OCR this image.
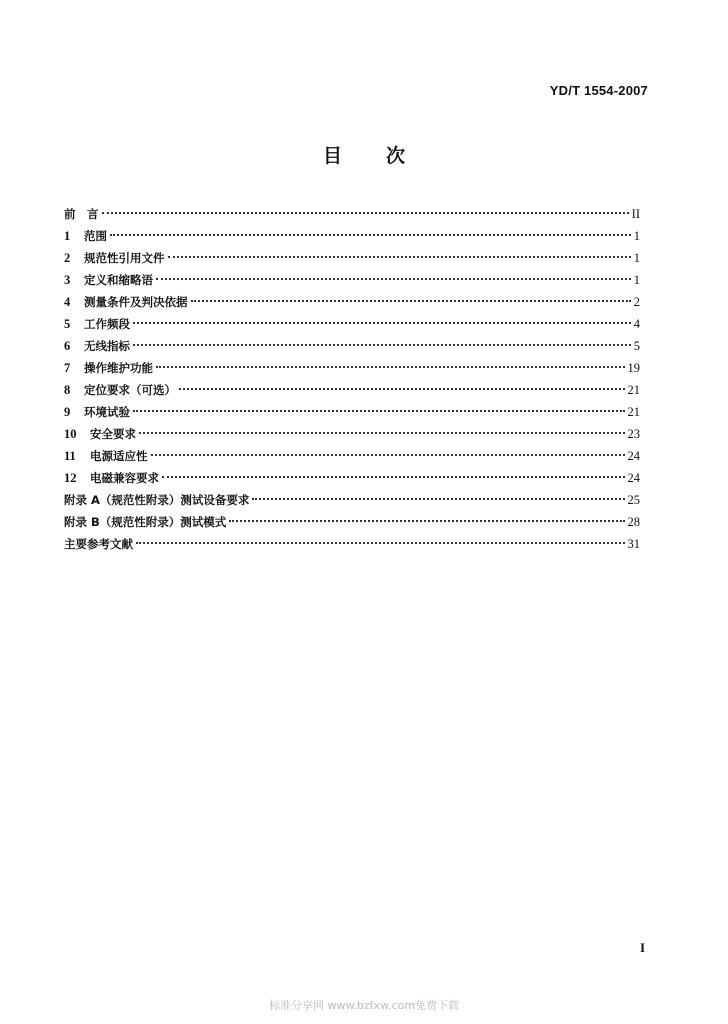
YD/T 1554-2007
目 次
前　言	II
1	范围	1
2	规范性引用文件	1
3	定义和缩略语	1
4	测量条件及判决依据	2
5	工作频段	4
6	无线指标	5
7	操作维护功能	19
8	定位要求（可选）	21
9	环境试验	21
10	安全要求	23
11	电源适应性	24
12	电磁兼容要求	24
附录 A（规范性附录）测试设备要求	25
附录 B（规范性附录）测试模式	28
主要参考文献	31
I
标准分享网 www.bzfxw.com免费下载
